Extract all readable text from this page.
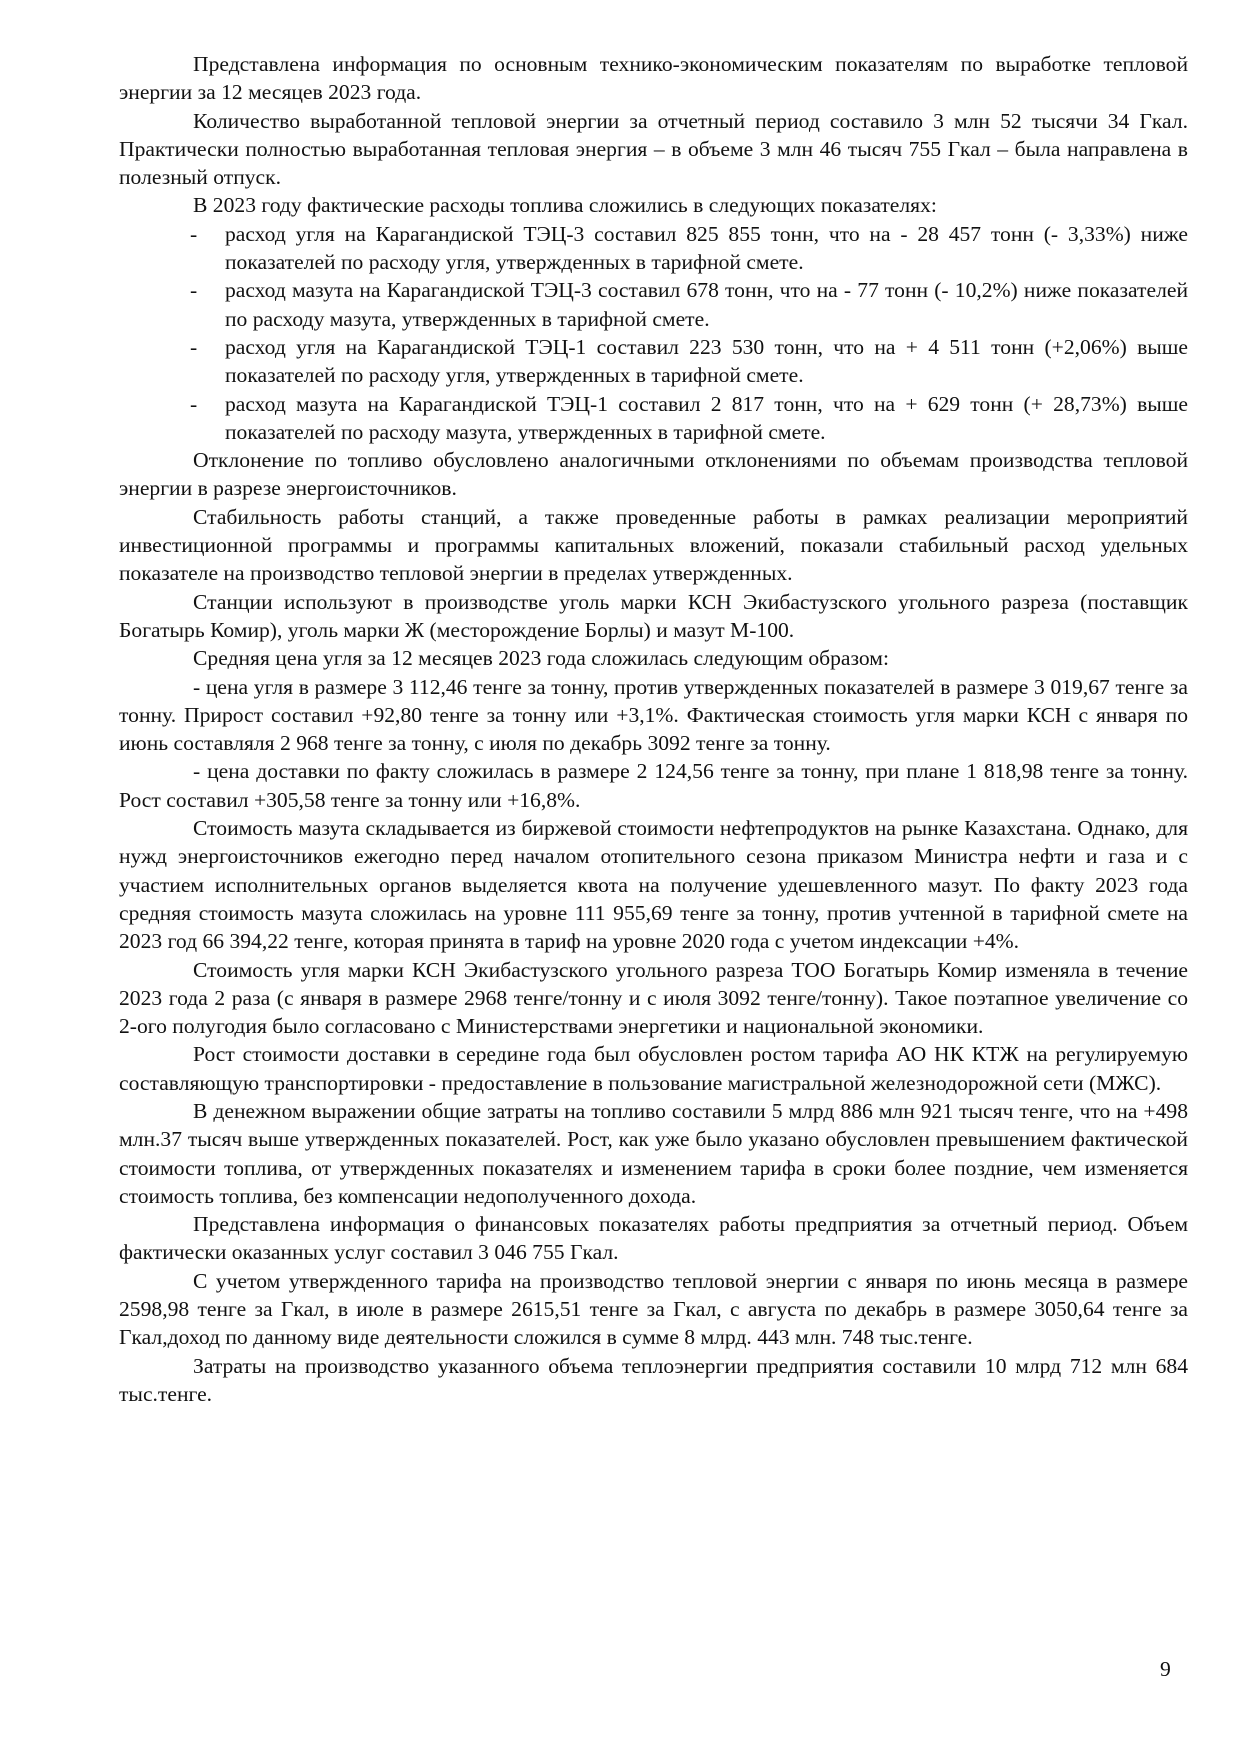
Представлена информация по основным технико-экономическим показателям по выработке тепловой энергии за 12 месяцев 2023 года.

Количество выработанной тепловой энергии за отчетный период составило 3 млн 52 тысячи 34 Гкал. Практически полностью выработанная тепловая энергия – в объеме 3 млн 46 тысяч 755 Гкал – была направлена в полезный отпуск.

В 2023 году фактические расходы топлива сложились в следующих показателях:

- расход угля на Карагандиской ТЭЦ-3 составил 825 855 тонн, что на - 28 457 тонн (- 3,33%) ниже показателей по расходу угля, утвержденных в тарифной смете.
- расход мазута на Карагандиской ТЭЦ-3 составил 678 тонн, что на - 77 тонн (- 10,2%) ниже показателей по расходу мазута, утвержденных в тарифной смете.
- расход угля на Карагандиской ТЭЦ-1 составил 223 530 тонн, что на + 4 511 тонн (+2,06%) выше показателей по расходу угля, утвержденных в тарифной смете.
- расход мазута на Карагандиской ТЭЦ-1 составил 2 817 тонн, что на + 629 тонн (+ 28,73%) выше показателей по расходу мазута, утвержденных в тарифной смете.

Отклонение по топливо обусловлено аналогичными отклонениями по объемам производства тепловой энергии в разрезе энергоисточников.

Стабильность работы станций, а также проведенные работы в рамках реализации мероприятий инвестиционной программы и программы капитальных вложений, показали стабильный расход удельных показателе на производство тепловой энергии в пределах утвержденных.

Станции используют в производстве уголь марки КСН Экибастузского угольного разреза (поставщик Богатырь Комир), уголь марки Ж (месторождение Борлы) и мазут М-100.

Средняя цена угля за 12 месяцев 2023 года сложилась следующим образом:

- цена угля в размере 3 112,46 тенге за тонну, против утвержденных показателей в размере 3 019,67 тенге за тонну. Прирост составил +92,80 тенге за тонну или +3,1%. Фактическая стоимость угля марки КСН с января по июнь составляля 2 968 тенге за тонну, с июля по декабрь 3092 тенге за тонну.

- цена доставки по факту сложилась в размере 2 124,56 тенге за тонну, при плане 1 818,98 тенге за тонну. Рост составил +305,58 тенге за тонну или +16,8%.

Стоимость мазута складывается из биржевой стоимости нефтепродуктов на рынке Казахстана. Однако, для нужд энергоисточников ежегодно перед началом отопительного сезона приказом Министра нефти и газа и с участием исполнительных органов выделяется квота на получение удешевленного мазут. По факту 2023 года средняя стоимость мазута сложилась на уровне 111 955,69 тенге за тонну, против учтенной в тарифной смете на 2023 год 66 394,22 тенге, которая принята в тариф на уровне 2020 года с учетом индексации +4%.

Стоимость угля марки КСН Экибастузского угольного разреза ТОО Богатырь Комир изменяла в течение 2023 года 2 раза (с января в размере 2968 тенге/тонну и с июля 3092 тенге/тонну). Такое поэтапное увеличение со 2-ого полугодия было согласовано с Министерствами энергетики и национальной экономики.

Рост стоимости доставки в середине года был обусловлен ростом тарифа АО НК КТЖ на регулируемую составляющую транспортировки - предоставление в пользование магистральной железнодорожной сети (МЖС).

В денежном выражении общие затраты на топливо составили 5 млрд 886 млн 921 тысяч тенге, что на +498 млн.37 тысяч выше утвержденных показателей. Рост, как уже было указано обусловлен превышением фактической стоимости топлива, от утвержденных показателях и изменением тарифа в сроки более поздние, чем изменяется стоимость топлива, без компенсации недополученного дохода.

Представлена информация о финансовых показателях работы предприятия за отчетный период. Объем фактически оказанных услуг составил 3 046 755 Гкал.

С учетом утвержденного тарифа на производство тепловой энергии с января по июнь месяца в размере 2598,98 тенге за Гкал, в июле в размере 2615,51 тенге за Гкал, с августа по декабрь в размере 3050,64 тенге за Гкал,доход по данному виде деятельности сложился в сумме 8 млрд. 443 млн. 748 тыс.тенге.

Затраты на производство указанного объема теплоэнергии предприятия составили 10 млрд 712 млн 684 тыс.тенге.

9
